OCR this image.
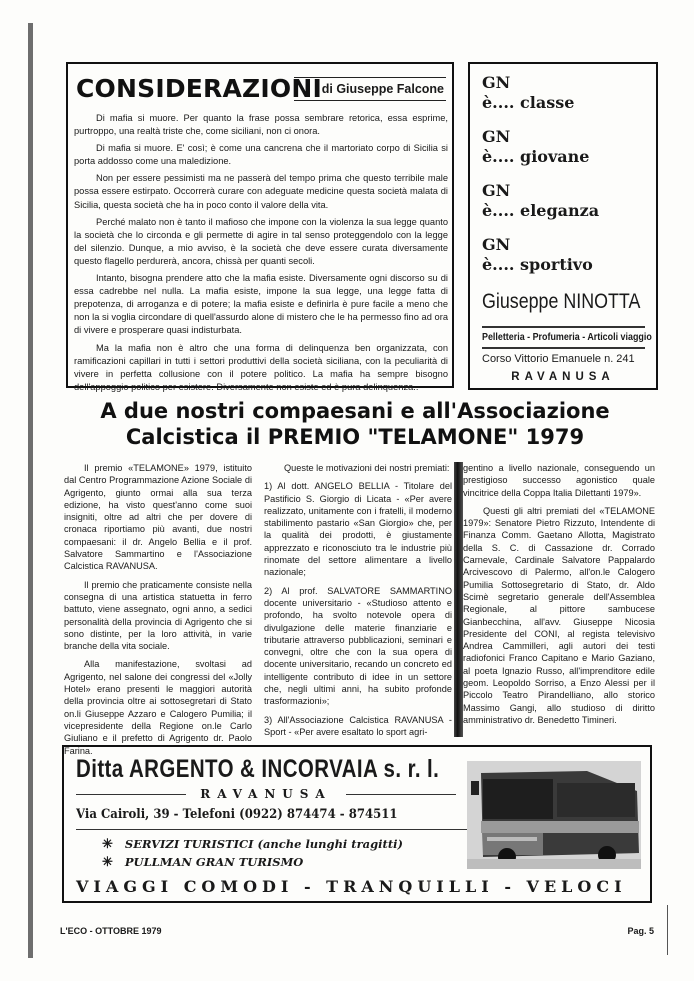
CONSIDERAZIONI di Giuseppe Falcone

Di mafia si muore. Per quanto la frase possa sembrare retorica, essa esprime, purtroppo, una realtà triste che, come siciliani, non ci onora.

Di mafia si muore. E' così; è come una cancrena che il martoriato corpo di Sicilia si porta addosso come una maledizione.

Non per essere pessimisti ma ne passerà del tempo prima che questo terribile male possa essere estirpato. Occorrerà curare con adeguate medicine questa società malata di Sicilia, questa società che ha in poco conto il valore della vita.

Perché malato non è tanto il mafioso che impone con la violenza la sua legge quanto la società che lo circonda e gli permette di agire in tal senso proteggendolo con la legge del silenzio. Dunque, a mio avviso, è la società che deve essere curata diversamente questo flagello perdurerà, ancora, chissà per quanti secoli.

Intanto, bisogna prendere atto che la mafia esiste. Diversamente ogni discorso su di essa cadrebbe nel nulla. La mafia esiste, impone la sua legge, una legge fatta di prepotenza, di arroganza e di potere; la mafia esiste e definirla è pure facile a meno che non la si voglia circondare di quell'assurdo alone di mistero che le ha permesso fino ad ora di vivere e prosperare quasi indisturbata.

Ma la mafia non è altro che una forma di delinquenza ben organizzata, con ramificazioni capillari in tutti i settori produttivi della società siciliana, con la peculiarità di vivere in perfetta collusione con il potere politico. La mafia ha sempre bisogno dell'appoggio politico per esistere. Diversamente non esiste ed è pura delinquenza..

GN
è.... classe
GN
è.... giovane
GN
è.... eleganza
GN
è.... sportivo
Giuseppe NINOTTA
Pelletteria - Profumeria - Articoli viaggio
Corso Vittorio Emanuele n. 241
RAVANUSA
A due nostri compaesani e all'Associazione
Calcistica il PREMIO "TELAMONE" 1979

Il premio «TELAMONE» 1979, istituito dal Centro Programmazione Azione Sociale di Agrigento, giunto ormai alla sua terza edizione, ha visto quest'anno come suoi insigniti, oltre ad altri che per dovere di cronaca riportiamo più avanti, due nostri compaesani: il dr. Angelo Bellia e il prof. Salvatore Sammartino e l'Associazione Calcistica RAVANUSA.

Il premio che praticamente consiste nella consegna di una artistica statuetta in ferro battuto, viene assegnato, ogni anno, a sedici personalità della provincia di Agrigento che si sono distinte, per la loro attività, in varie branche della vita sociale.

Alla manifestazione, svoltasi ad Agrigento, nel salone dei congressi del «Jolly Hotel» erano presenti le maggiori autorità della provincia oltre ai sottosegretari di Stato on.li Giuseppe Azzaro e Calogero Pumilia; il vicepresidente della Regione on.le Carlo Giuliano e il prefetto di Agrigento dr. Paolo Farina.

Queste le motivazioni dei nostri premiati:

1) Al dott. ANGELO BELLIA - Titolare del Pastificio S. Giorgio di Licata - «Per avere realizzato, unitamente con i fratelli, il moderno stabilimento pastario «San Giorgio» che, per la qualità dei prodotti, è giustamente apprezzato e riconosciuto tra le industrie più rinomate del settore alimentare a livello nazionale;

2) Al prof. SALVATORE SAMMARTINO docente universitario - «Studioso attento e profondo, ha svolto notevole opera di divulgazione delle materie finanziarie e tributarie attraverso pubblicazioni, seminari e convegni, oltre che con la sua opera di docente universitario, recando un concreto ed intelligente contributo di idee in un settore che, negli ultimi anni, ha subito profonde trasformazioni»;

3) All'Associazione Calcistica RAVANUSA - Sport - «Per avere esaltato lo sport agri-

gentino a livello nazionale, conseguendo un prestigioso successo agonistico quale vincitrice della Coppa Italia Dilettanti 1979».

Questi gli altri premiati del «TELAMONE 1979»: Senatore Pietro Rizzuto, Intendente di Finanza Comm. Gaetano Allotta, Magistrato della S. C. di Cassazione dr. Corrado Carnevale, Cardinale Salvatore Pappalardo Arcivescovo di Palermo, all'on.le Calogero Pumilia Sottosegretario di Stato, dr. Aldo Scimè segretario generale dell'Assemblea Regionale, al pittore sambucese Gianbecchina, all'avv. Giuseppe Nicosia Presidente del CONI, al regista televisivo Andrea Cammilleri, agli autori dei testi radiofonici Franco Capitano e Mario Gaziano, al poeta Ignazio Russo, all'imprenditore edile geom. Leopoldo Sorriso, a Enzo Alessi per il Piccolo Teatro Pirandelliano, allo storico Massimo Gangi, allo studioso di diritto amministrativo dr. Benedetto Timineri.

Ditta ARGENTO & INCORVAIA s. r. l.
RAVANUSA
Via Cairoli, 39 - Telefoni (0922) 874474 - 874511
✳ SERVIZI TURISTICI (anche lunghi tragitti)
✳ PULLMAN GRAN TURISMO
VIAGGI COMODI - TRANQUILLI - VELOCI
L'ECO - OTTOBRE 1979	Pag. 5
